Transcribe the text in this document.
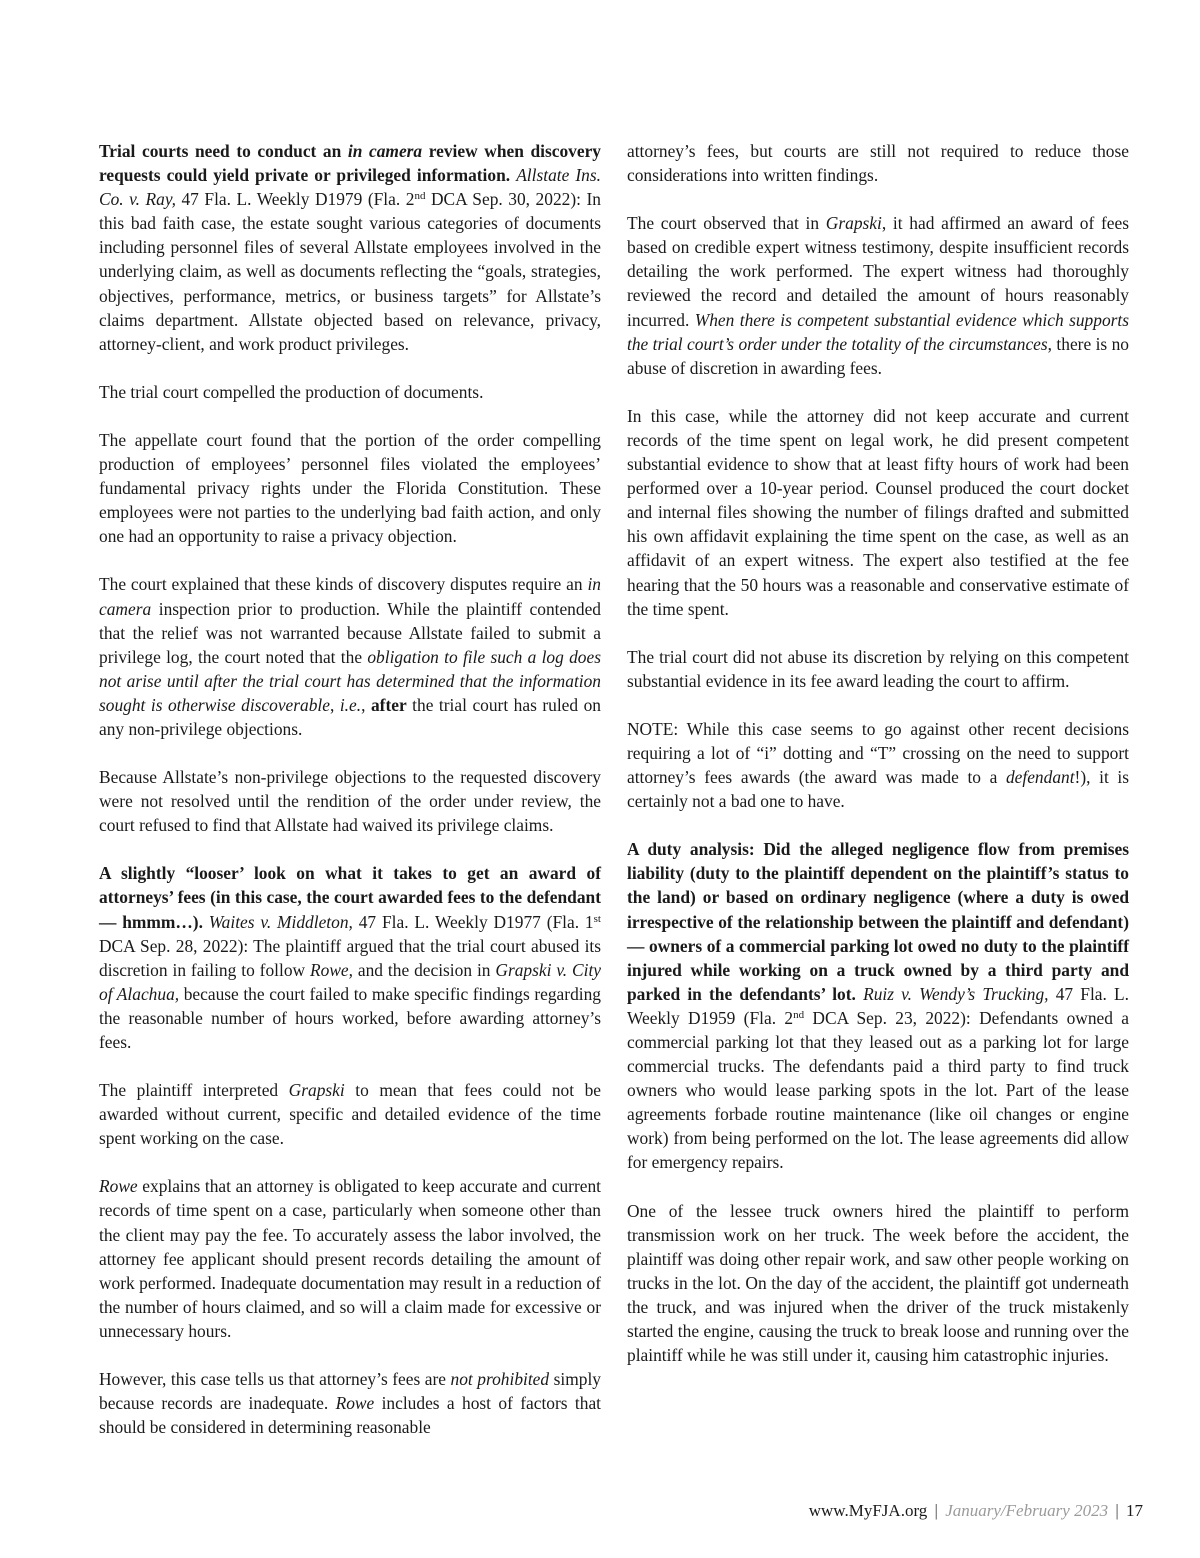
Trial courts need to conduct an in camera review when discovery requests could yield private or privileged information. Allstate Ins. Co. v. Ray, 47 Fla. L. Weekly D1979 (Fla. 2nd DCA Sep. 30, 2022): In this bad faith case, the estate sought various categories of documents including personnel files of several Allstate employees involved in the underlying claim, as well as documents reflecting the “goals, strategies, objectives, performance, metrics, or business targets” for Allstate’s claims department. Allstate objected based on relevance, privacy, attorney-client, and work product privileges.

The trial court compelled the production of documents.

The appellate court found that the portion of the order compelling production of employees’ personnel files violated the employees’ fundamental privacy rights under the Florida Constitution. These employees were not parties to the underlying bad faith action, and only one had an opportunity to raise a privacy objection.

The court explained that these kinds of discovery disputes require an in camera inspection prior to production. While the plaintiff contended that the relief was not warranted because Allstate failed to submit a privilege log, the court noted that the obligation to file such a log does not arise until after the trial court has determined that the information sought is otherwise discoverable, i.e., after the trial court has ruled on any non-privilege objections.

Because Allstate’s non-privilege objections to the requested discovery were not resolved until the rendition of the order under review, the court refused to find that Allstate had waived its privilege claims.

A slightly “looser’ look on what it takes to get an award of attorneys’ fees (in this case, the court awarded fees to the defendant — hmmm…). Waites v. Middleton, 47 Fla. L. Weekly D1977 (Fla. 1st DCA Sep. 28, 2022): The plaintiff argued that the trial court abused its discretion in failing to follow Rowe, and the decision in Grapski v. City of Alachua, because the court failed to make specific findings regarding the reasonable number of hours worked, before awarding attorney’s fees.

The plaintiff interpreted Grapski to mean that fees could not be awarded without current, specific and detailed evidence of the time spent working on the case.

Rowe explains that an attorney is obligated to keep accurate and current records of time spent on a case, particularly when someone other than the client may pay the fee. To accurately assess the labor involved, the attorney fee applicant should present records detailing the amount of work performed. Inadequate documentation may result in a reduction of the number of hours claimed, and so will a claim made for excessive or unnecessary hours.

However, this case tells us that attorney’s fees are not prohibited simply because records are inadequate. Rowe includes a host of factors that should be considered in determining reasonable

attorney’s fees, but courts are still not required to reduce those considerations into written findings.

The court observed that in Grapski, it had affirmed an award of fees based on credible expert witness testimony, despite insufficient records detailing the work performed. The expert witness had thoroughly reviewed the record and detailed the amount of hours reasonably incurred. When there is competent substantial evidence which supports the trial court’s order under the totality of the circumstances, there is no abuse of discretion in awarding fees.

In this case, while the attorney did not keep accurate and current records of the time spent on legal work, he did present competent substantial evidence to show that at least fifty hours of work had been performed over a 10-year period. Counsel produced the court docket and internal files showing the number of filings drafted and submitted his own affidavit explaining the time spent on the case, as well as an affidavit of an expert witness. The expert also testified at the fee hearing that the 50 hours was a reasonable and conservative estimate of the time spent.

The trial court did not abuse its discretion by relying on this competent substantial evidence in its fee award leading the court to affirm.

NOTE: While this case seems to go against other recent decisions requiring a lot of “i” dotting and “T” crossing on the need to support attorney’s fees awards (the award was made to a defendant!), it is certainly not a bad one to have.

A duty analysis: Did the alleged negligence flow from premises liability (duty to the plaintiff dependent on the plaintiff’s status to the land) or based on ordinary negligence (where a duty is owed irrespective of the relationship between the plaintiff and defendant) — owners of a commercial parking lot owed no duty to the plaintiff injured while working on a truck owned by a third party and parked in the defendants’ lot. Ruiz v. Wendy’s Trucking, 47 Fla. L. Weekly D1959 (Fla. 2nd DCA Sep. 23, 2022): Defendants owned a commercial parking lot that they leased out as a parking lot for large commercial trucks. The defendants paid a third party to find truck owners who would lease parking spots in the lot. Part of the lease agreements forbade routine maintenance (like oil changes or engine work) from being performed on the lot. The lease agreements did allow for emergency repairs.

One of the lessee truck owners hired the plaintiff to perform transmission work on her truck. The week before the accident, the plaintiff was doing other repair work, and saw other people working on trucks in the lot. On the day of the accident, the plaintiff got underneath the truck, and was injured when the driver of the truck mistakenly started the engine, causing the truck to break loose and running over the plaintiff while he was still under it, causing him catastrophic injuries.

www.MyFJA.org | January/February 2023 | 17
